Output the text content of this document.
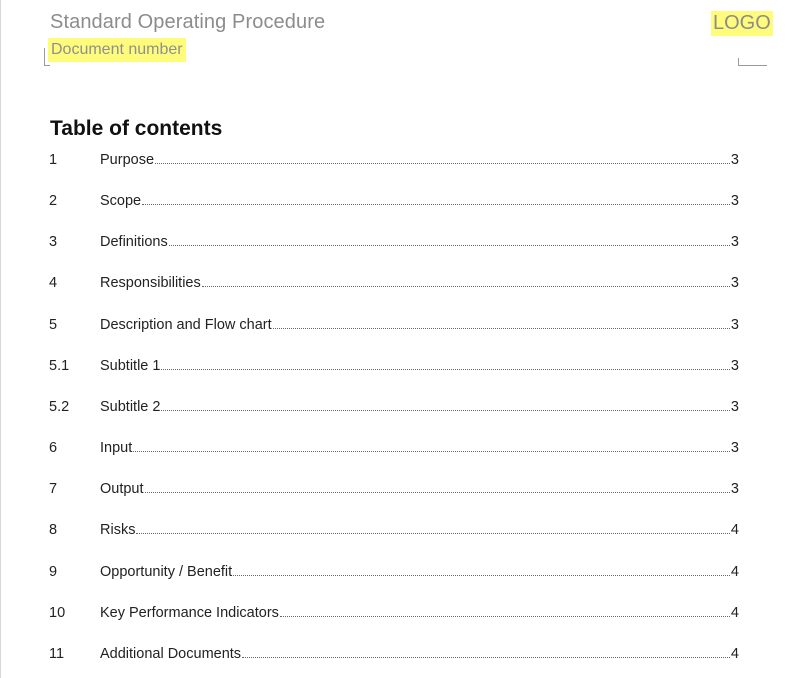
Standard Operating Procedure
Document number
LOGO
Table of contents
1	Purpose	3
2	Scope	3
3	Definitions	3
4	Responsibilities	3
5	Description and Flow chart	3
5.1 Subtitle 1	3
5.2 Subtitle 2	3
6	Input	3
7	Output	3
8	Risks	4
9	Opportunity / Benefit	4
10 Key Performance Indicators	4
11 Additional Documents	4
